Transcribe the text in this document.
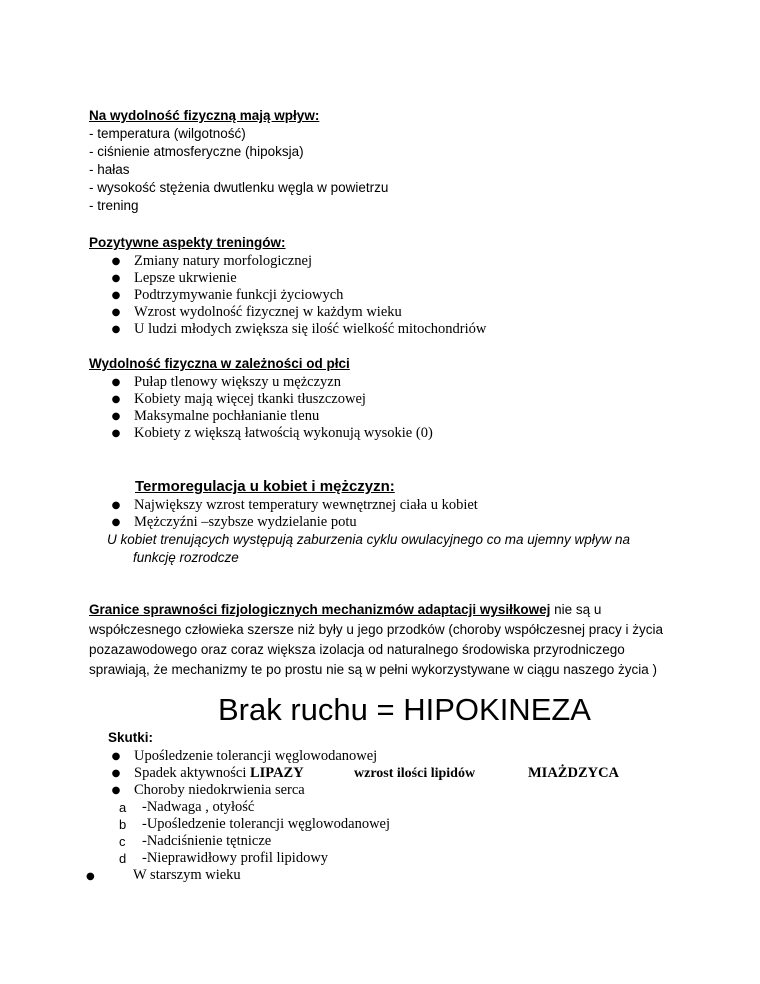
Na wydolność fizyczną mają wpływ:
- temperatura (wilgotność)
- ciśnienie atmosferyczne (hipoksja)
- hałas
- wysokość stężenia dwutlenku węgla w powietrzu
- trening
Pozytywne aspekty treningów:
● Zmiany natury morfologicznej
● Lepsze ukrwienie
● Podtrzymywanie funkcji życiowych
● Wzrost wydolność fizycznej w każdym wieku
● U ludzi młodych zwiększa się ilość wielkość mitochondriów
Wydolność fizyczna w zależności od płci
● Pułap tlenowy większy u mężczyzn
● Kobiety mają więcej tkanki tłuszczowej
● Maksymalne pochłanianie tlenu
● Kobiety z większą łatwością wykonują wysokie (0)
Termoregulacja u kobiet i mężczyzn:
● Największy wzrost temperatury wewnętrznej ciała u kobiet
● Mężczyźni –szybsze wydzielanie potu
U kobiet trenujących występują zaburzenia cyklu owulacyjnego co ma ujemny wpływ na
funkcję rozrodcze
Granice sprawności fizjologicznych mechanizmów adaptacji wysiłkowej nie są u współczesnego człowieka szersze niż były u jego przodków (choroby współczesnej pracy i życia pozazawodowego oraz coraz większa izolacja od naturalnego środowiska przyrodniczego sprawiają, że mechanizmy te po prostu nie są w pełni wykorzystywane w ciągu naszego życia )
Brak ruchu = HIPOKINEZA
Skutki:
● Upośledzenie tolerancji węglowodanowej
● Spadek aktywności LIPAZY
● Choroby niedokrwienia serca
wzrost ilości lipidów	MIAŻDZYCA
a -Nadwaga , otyłość
b -Upośledzenie tolerancji węglowodanowej
c -Nadciśnienie tętnicze
d -Nieprawidłowy profil lipidowy
●	W starszym wieku
